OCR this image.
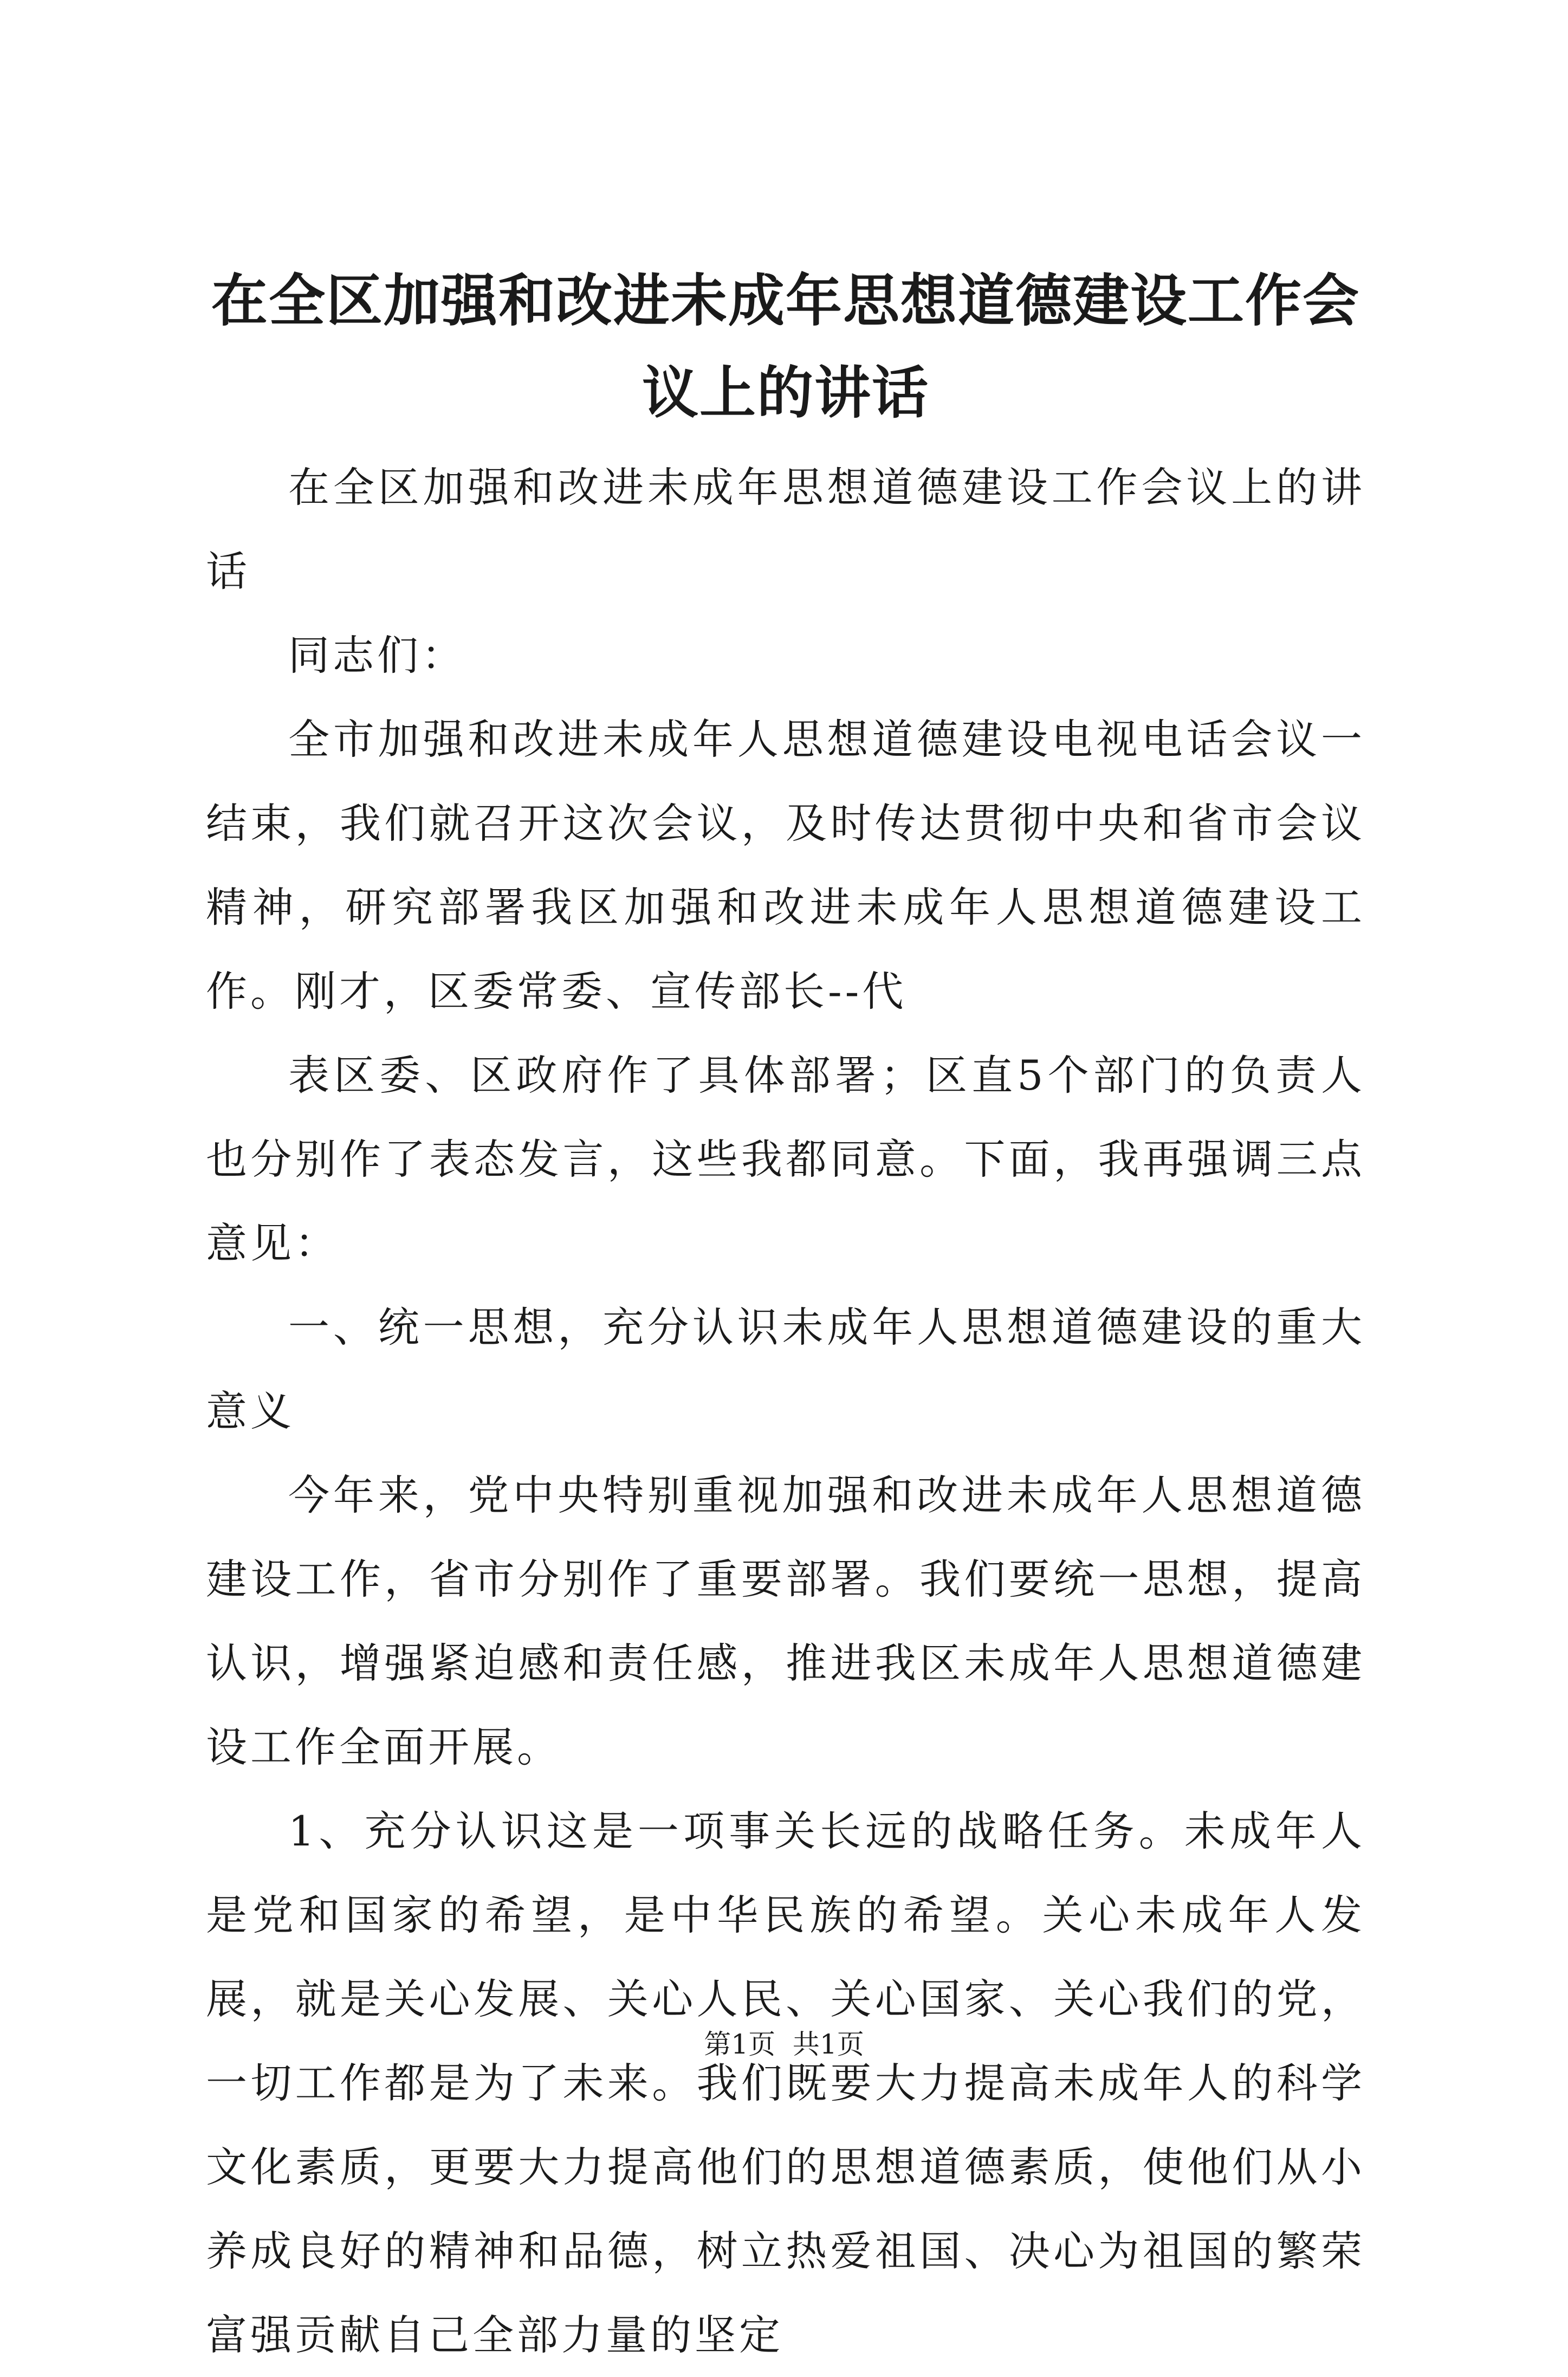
在全区加强和改进未成年思想道德建设工作会议上的讲话

在全区加强和改进未成年思想道德建设工作会议上的讲话

同志们：

全市加强和改进未成年人思想道德建设电视电话会议一结束，我们就召开这次会议，及时传达贯彻中央和省市会议精神，研究部署我区加强和改进未成年人思想道德建设工作。刚才，区委常委、宣传部长--代

表区委、区政府作了具体部署；区直5个部门的负责人也分别作了表态发言，这些我都同意。下面，我再强调三点意见：

一、统一思想，充分认识未成年人思想道德建设的重大意义

今年来，党中央特别重视加强和改进未成年人思想道德建设工作，省市分别作了重要部署。我们要统一思想，提高认识，增强紧迫感和责任感，推进我区未成年人思想道德建设工作全面开展。

1、充分认识这是一项事关长远的战略任务。未成年人是党和国家的希望，是中华民族的希望。关心未成年人发展，就是关心发展、关心人民、关心国家、关心我们的党，一切工作都是为了未来。我们既要大力提高未成年人的科学文化素质，更要大力提高他们的思想道德素质，使他们从小养成良好的精神和品德，树立热爱祖国、决心为祖国的繁荣富强贡献自己全部力量的坚定

第1页  共1页
